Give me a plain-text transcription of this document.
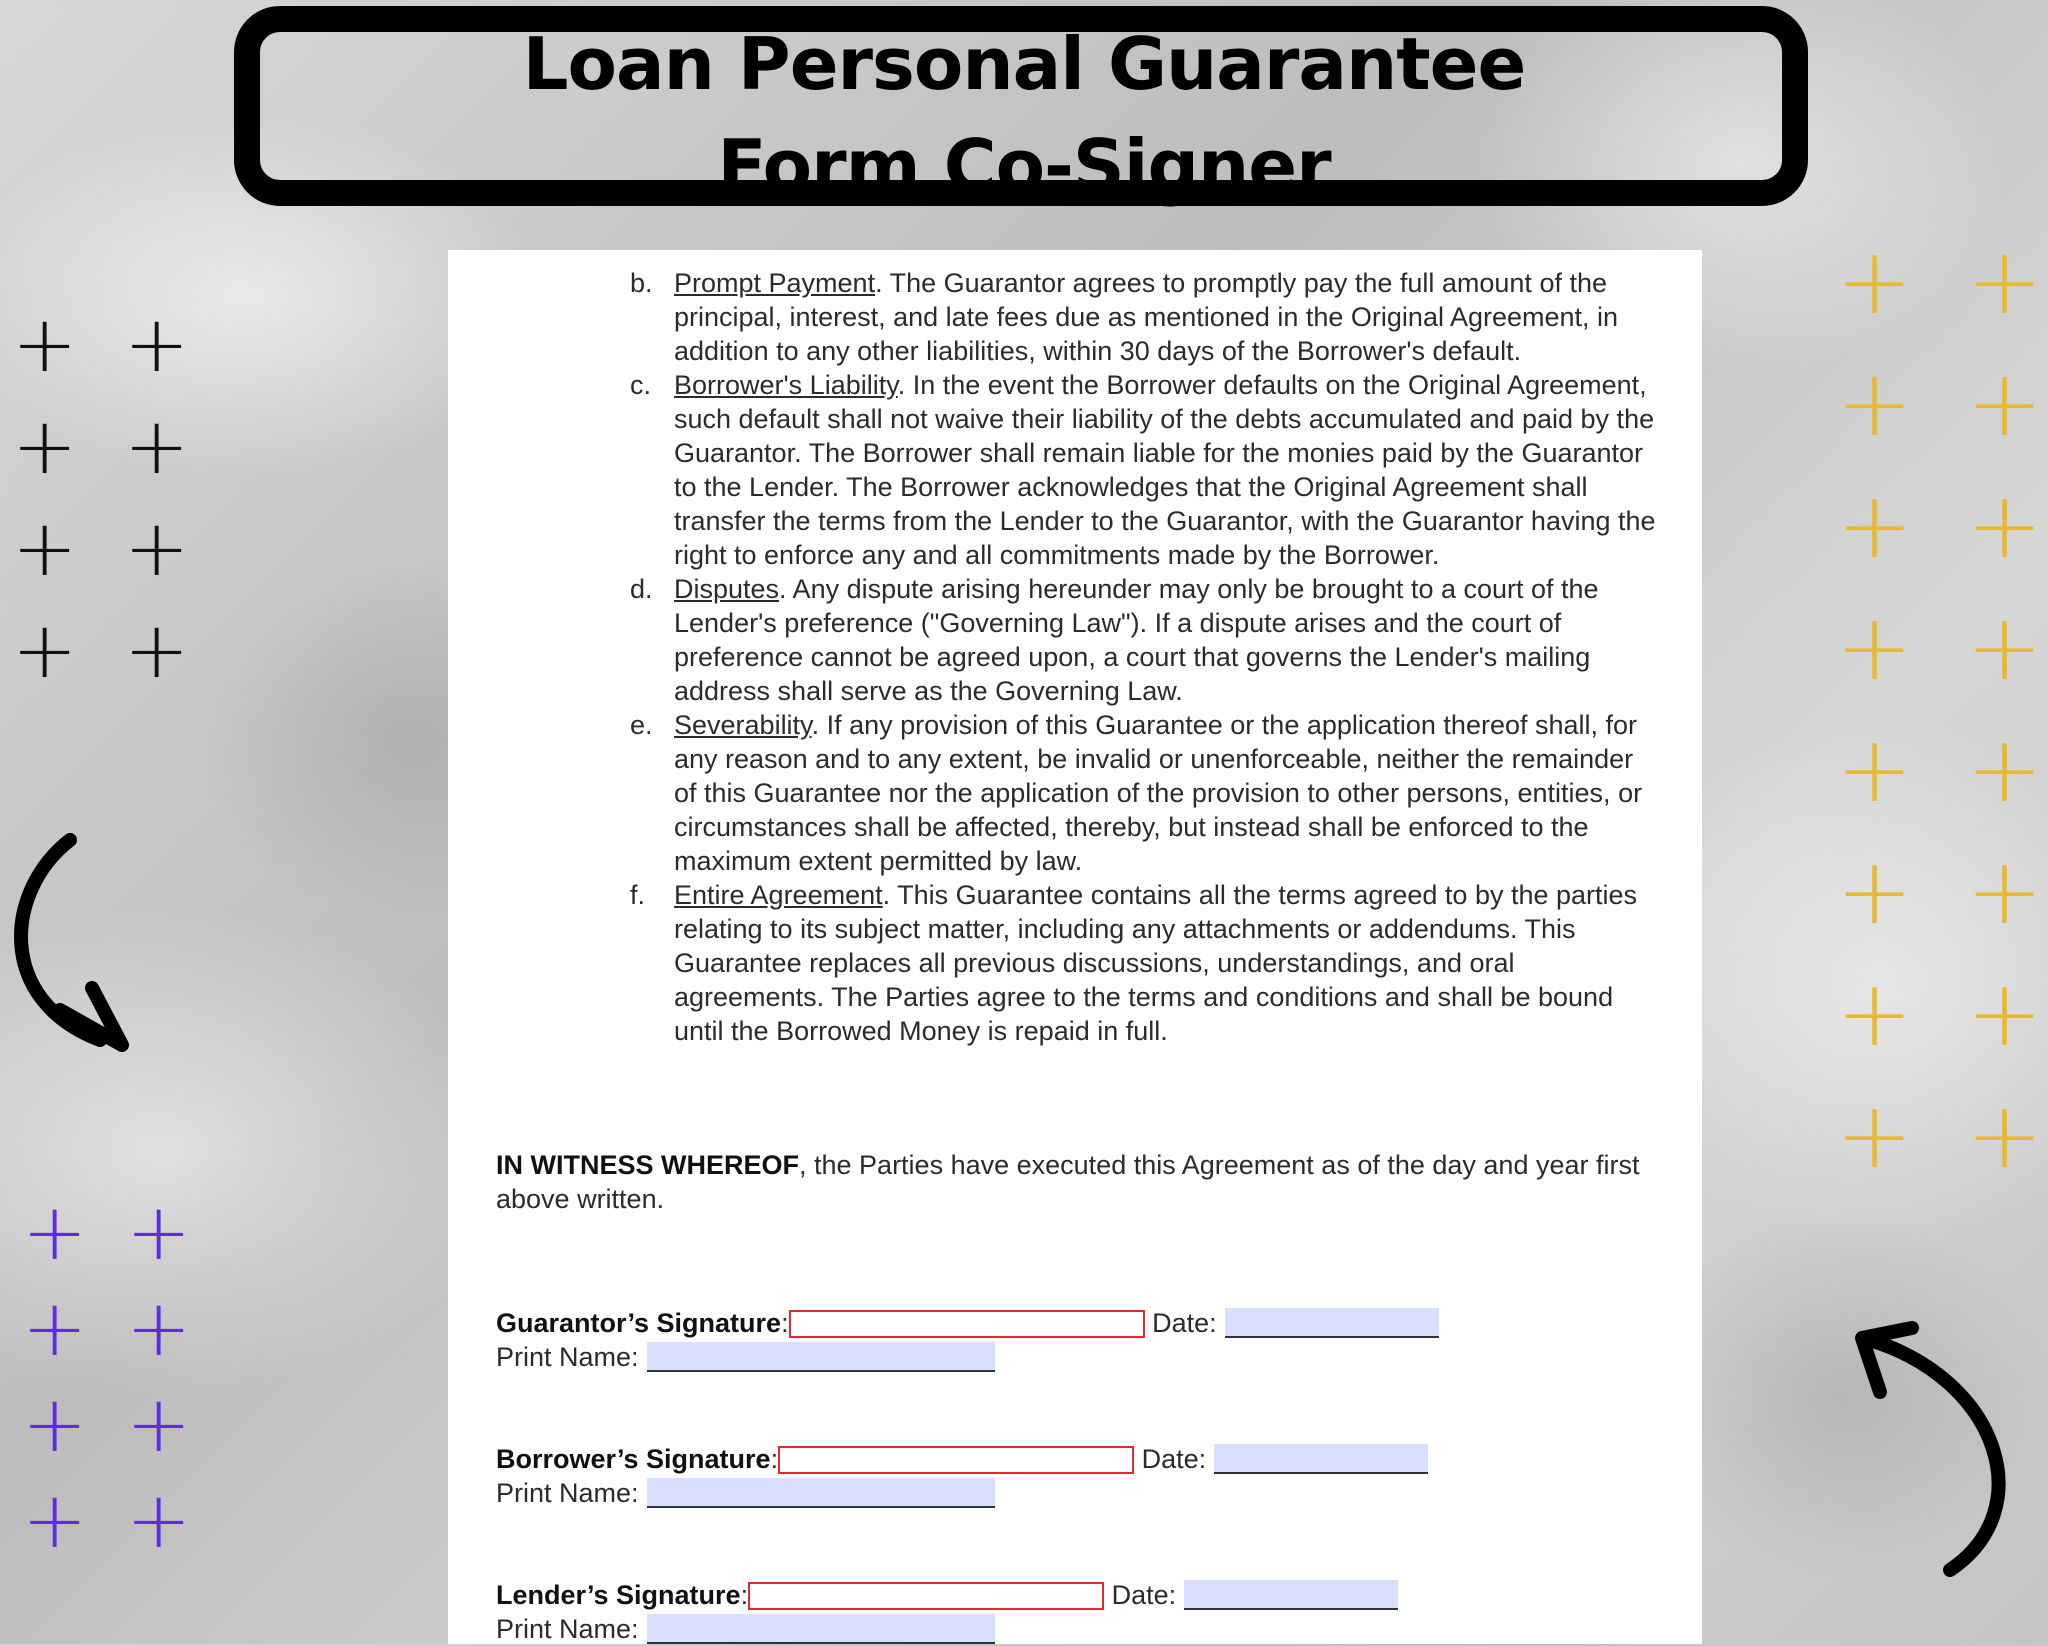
Loan Personal Guarantee
Form Co-Signer
+ +
+ +
+ +
+ +
+ +
+ +
+ +
+ +
+ +
+ +
+ +
+ +
+ +
+ +
+ +
+ +
b. Prompt Payment. The Guarantor agrees to promptly pay the full amount of the principal, interest, and late fees due as mentioned in the Original Agreement, in addition to any other liabilities, within 30 days of the Borrower's default.
c. Borrower's Liability. In the event the Borrower defaults on the Original Agreement, such default shall not waive their liability of the debts accumulated and paid by the Guarantor. The Borrower shall remain liable for the monies paid by the Guarantor to the Lender. The Borrower acknowledges that the Original Agreement shall transfer the terms from the Lender to the Guarantor, with the Guarantor having the right to enforce any and all commitments made by the Borrower.
d. Disputes. Any dispute arising hereunder may only be brought to a court of the Lender's preference ("Governing Law"). If a dispute arises and the court of preference cannot be agreed upon, a court that governs the Lender's mailing address shall serve as the Governing Law.
e. Severability. If any provision of this Guarantee or the application thereof shall, for any reason and to any extent, be invalid or unenforceable, neither the remainder of this Guarantee nor the application of the provision to other persons, entities, or circumstances shall be affected, thereby, but instead shall be enforced to the maximum extent permitted by law.
f. Entire Agreement. This Guarantee contains all the terms agreed to by the parties relating to its subject matter, including any attachments or addendums. This Guarantee replaces all previous discussions, understandings, and oral agreements. The Parties agree to the terms and conditions and shall be bound until the Borrowed Money is repaid in full.
IN WITNESS WHEREOF, the Parties have executed this Agreement as of the day and year first above written.
Guarantor’s Signature:	Date:
Print Name:
Borrower’s Signature:	Date:
Print Name:
Lender’s Signature:	Date:
Print Name:
